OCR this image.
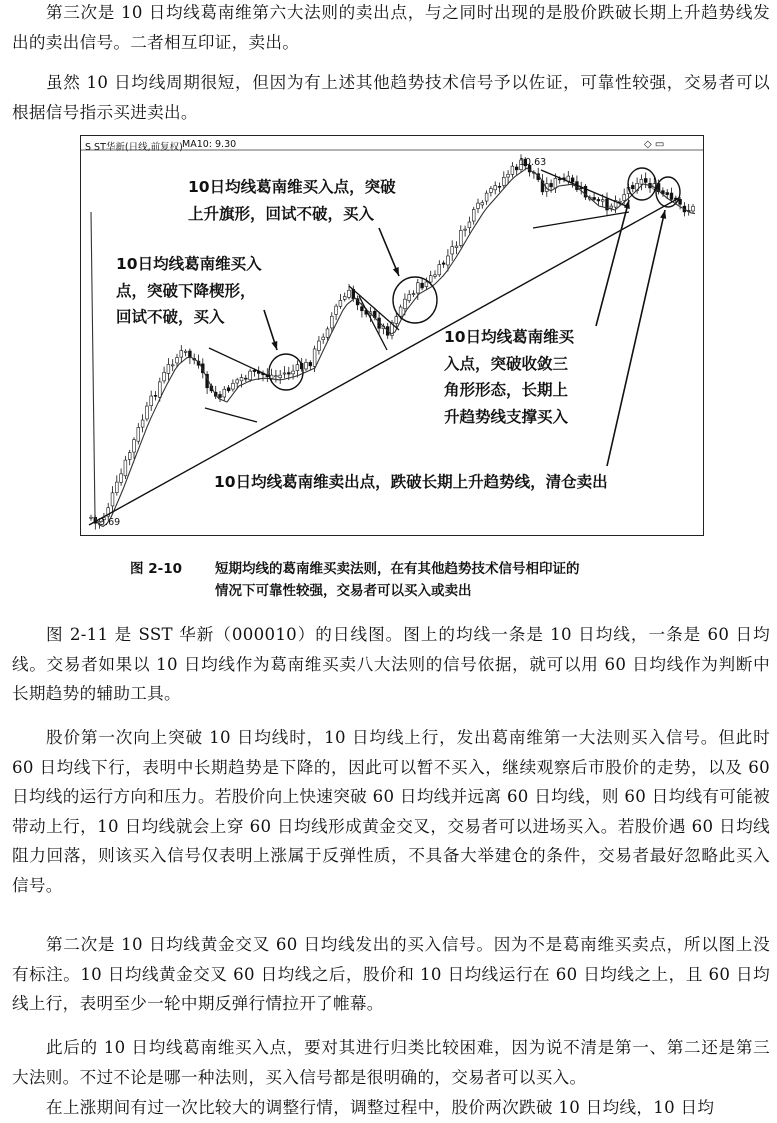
第三次是 10 日均线葛南维第六大法则的卖出点，与之同时出现的是股价跌破长期上升趋势线发出的卖出信号。二者相互印证，卖出。

虽然 10 日均线周期很短，但因为有上述其他趋势技术信号予以佐证，可靠性较强，交易者可以根据信号指示买进卖出。

S ST华新(日线,前复权) MA10: 9.30	◇ ▭
10.63
3.69
10日均线葛南维买入点，突破
上升旗形，回试不破，买入
10日均线葛南维买入
点，突破下降楔形，
回试不破，买入
10日均线葛南维买
入点，突破收敛三
角形形态，长期上
升趋势线支撑买入
10日均线葛南维卖出点，跌破长期上升趋势线，清仓卖出
图 2-10 短期均线的葛南维买卖法则，在有其他趋势技术信号相印证的
情况下可靠性较强，交易者可以买入或卖出

图 2-11 是 SST 华新（000010）的日线图。图上的均线一条是 10 日均线，一条是 60 日均线。交易者如果以 10 日均线作为葛南维买卖八大法则的信号依据，就可以用 60 日均线作为判断中长期趋势的辅助工具。

股价第一次向上突破 10 日均线时，10 日均线上行，发出葛南维第一大法则买入信号。但此时 60 日均线下行，表明中长期趋势是下降的，因此可以暂不买入，继续观察后市股价的走势，以及 60 日均线的运行方向和压力。若股价向上快速突破 60 日均线并远离 60 日均线，则 60 日均线有可能被带动上行，10 日均线就会上穿 60 日均线形成黄金交叉，交易者可以进场买入。若股价遇 60 日均线阻力回落，则该买入信号仅表明上涨属于反弹性质，不具备大举建仓的条件，交易者最好忽略此买入信号。

第二次是 10 日均线黄金交叉 60 日均线发出的买入信号。因为不是葛南维买卖点，所以图上没有标注。10 日均线黄金交叉 60 日均线之后，股价和 10 日均线运行在 60 日均线之上，且 60 日均线上行，表明至少一轮中期反弹行情拉开了帷幕。

此后的 10 日均线葛南维买入点，要对其进行归类比较困难，因为说不清是第一、第二还是第三大法则。不过不论是哪一种法则，买入信号都是很明确的，交易者可以买入。

在上涨期间有过一次比较大的调整行情，调整过程中，股价两次跌破 10 日均线，10 日均
